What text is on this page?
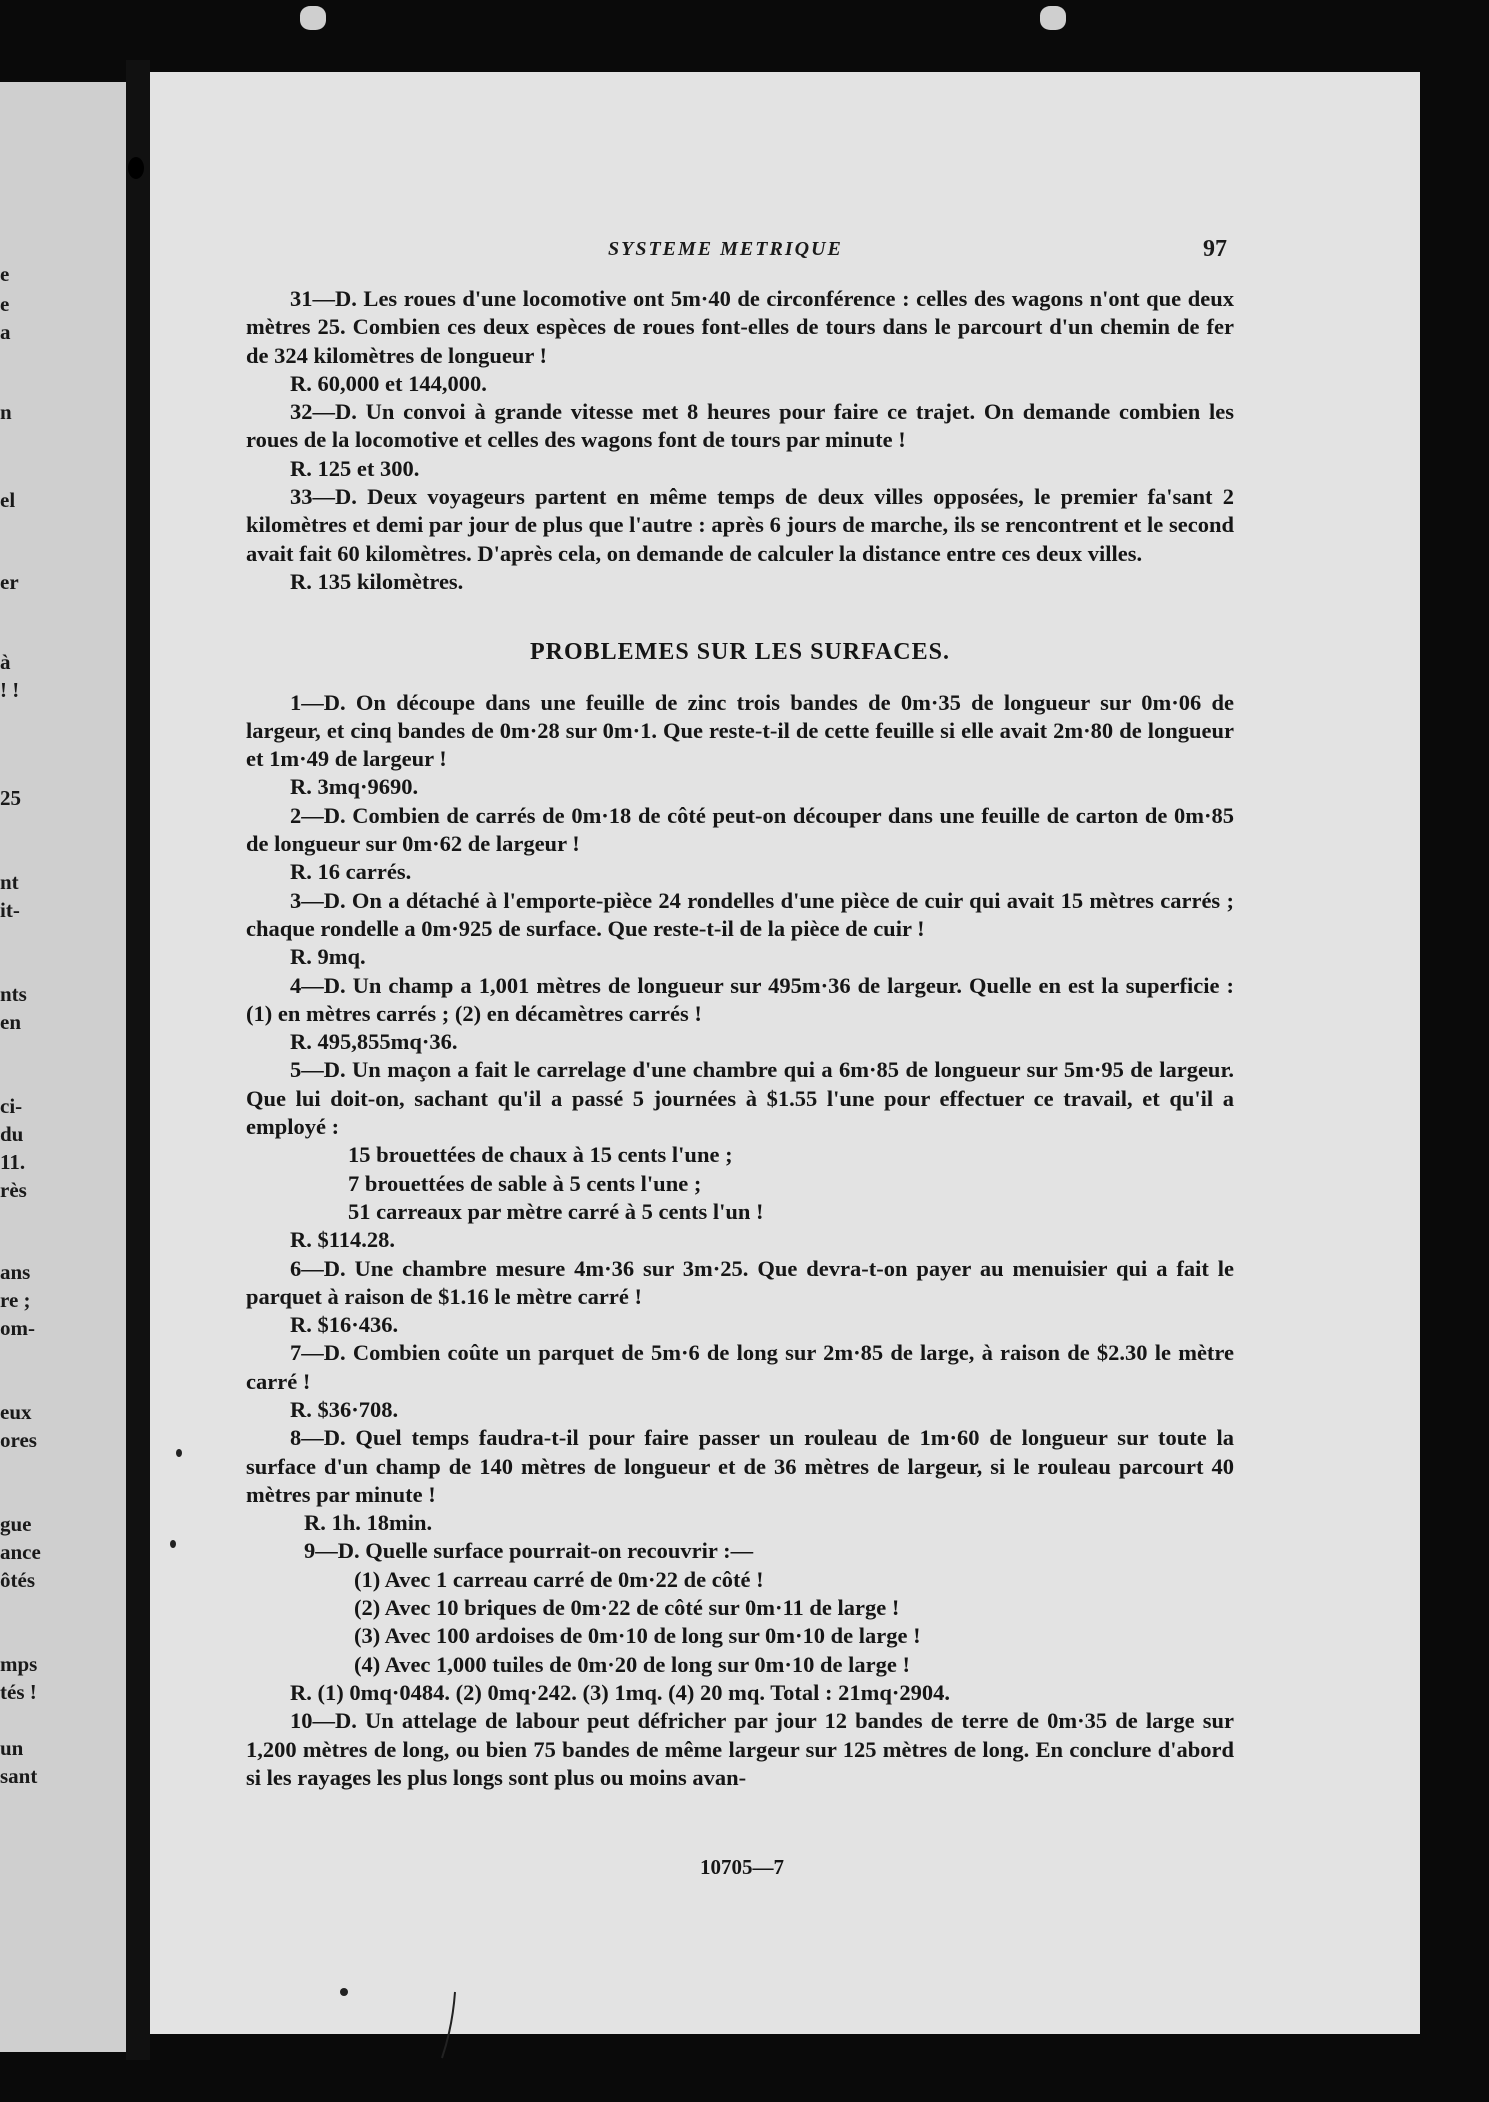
e
e
a
n
el
er
à
! !
25
nt
it-
nts
en
ci-
du
11.
rès
ans
re ;
om-
eux
ores
gue
ance
ôtés
mps
tés !
un
sant
SYSTEME METRIQUE	97

31—D. Les roues d'une locomotive ont 5m·40 de circonférence : celles des wagons n'ont que deux mètres 25. Combien ces deux espèces de roues font-elles de tours dans le parcourt d'un chemin de fer de 324 kilomètres de longueur !

R. 60,000 et 144,000.

32—D. Un convoi à grande vitesse met 8 heures pour faire ce trajet. On demande combien les roues de la locomotive et celles des wagons font de tours par minute !

R. 125 et 300.

33—D. Deux voyageurs partent en même temps de deux villes opposées, le premier fa'sant 2 kilomètres et demi par jour de plus que l'autre : après 6 jours de marche, ils se rencontrent et le second avait fait 60 kilomètres. D'après cela, on demande de calculer la distance entre ces deux villes.

R. 135 kilomètres.

PROBLEMES SUR LES SURFACES.

1—D. On découpe dans une feuille de zinc trois bandes de 0m·35 de longueur sur 0m·06 de largeur, et cinq bandes de 0m·28 sur 0m·1. Que reste-t-il de cette feuille si elle avait 2m·80 de longueur et 1m·49 de largeur !

R. 3mq·9690.

2—D. Combien de carrés de 0m·18 de côté peut-on découper dans une feuille de carton de 0m·85 de longueur sur 0m·62 de largeur !

R. 16 carrés.

3—D. On a détaché à l'emporte-pièce 24 rondelles d'une pièce de cuir qui avait 15 mètres carrés ; chaque rondelle a 0m·925 de surface. Que reste-t-il de la pièce de cuir !

R. 9mq.

4—D. Un champ a 1,001 mètres de longueur sur 495m·36 de largeur. Quelle en est la superficie : (1) en mètres carrés ; (2) en décamètres carrés !

R. 495,855mq·36.

5—D. Un maçon a fait le carrelage d'une chambre qui a 6m·85 de longueur sur 5m·95 de largeur. Que lui doit-on, sachant qu'il a passé 5 journées à $1.55 l'une pour effectuer ce travail, et qu'il a employé :

15 brouettées de chaux à 15 cents l'une ;

7 brouettées de sable à 5 cents l'une ;

51 carreaux par mètre carré à 5 cents l'un !

R. $114.28.

6—D. Une chambre mesure 4m·36 sur 3m·25. Que devra-t-on payer au menuisier qui a fait le parquet à raison de $1.16 le mètre carré !

R. $16·436.

7—D. Combien coûte un parquet de 5m·6 de long sur 2m·85 de large, à raison de $2.30 le mètre carré !

R. $36·708.

8—D. Quel temps faudra-t-il pour faire passer un rouleau de 1m·60 de longueur sur toute la surface d'un champ de 140 mètres de longueur et de 36 mètres de largeur, si le rouleau parcourt 40 mètres par minute !

R. 1h. 18min.

9—D. Quelle surface pourrait-on recouvrir :—

(1) Avec 1 carreau carré de 0m·22 de côté !

(2) Avec 10 briques de 0m·22 de côté sur 0m·11 de large !

(3) Avec 100 ardoises de 0m·10 de long sur 0m·10 de large !

(4) Avec 1,000 tuiles de 0m·20 de long sur 0m·10 de large !

R. (1) 0mq·0484. (2) 0mq·242. (3) 1mq. (4) 20 mq. Total : 21mq·2904.

10—D. Un attelage de labour peut défricher par jour 12 bandes de terre de 0m·35 de large sur 1,200 mètres de long, ou bien 75 bandes de même largeur sur 125 mètres de long. En conclure d'abord si les rayages les plus longs sont plus ou moins avan-

10705—7
